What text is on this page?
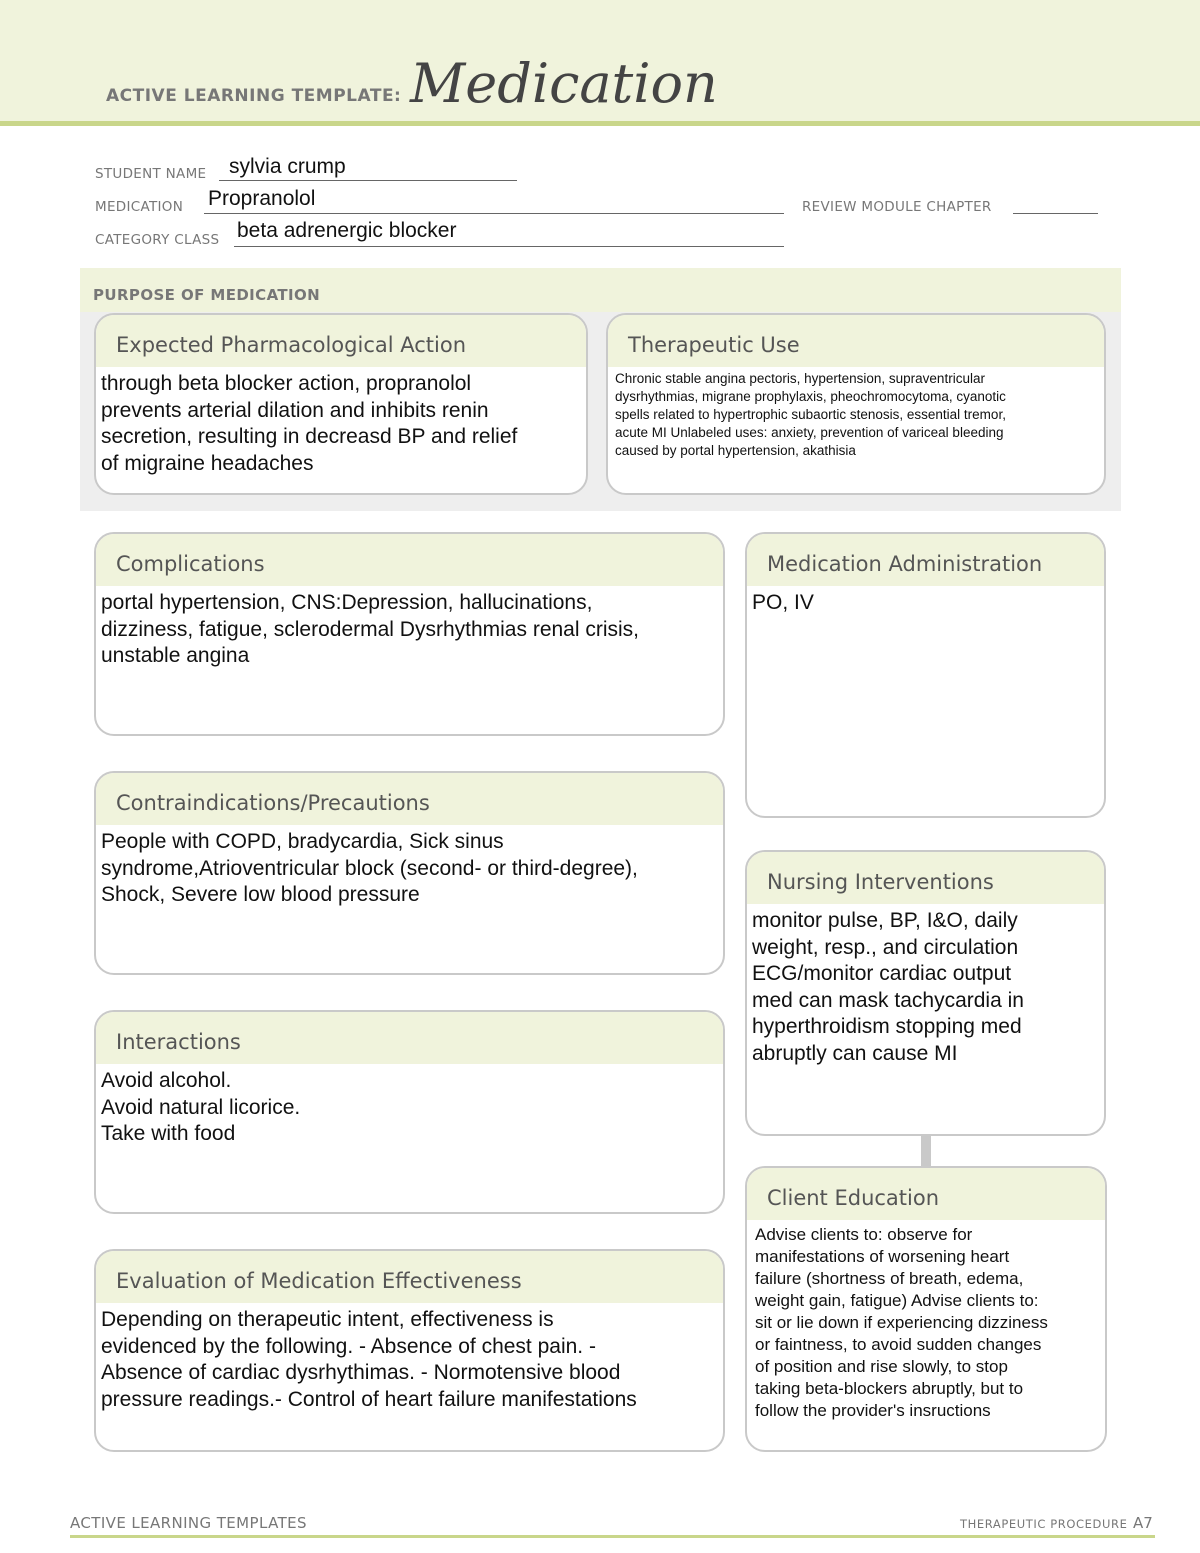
ACTIVE LEARNING TEMPLATE: Medication
STUDENT NAME sylvia crump
MEDICATION Propranolol	REVIEW MODULE CHAPTER
CATEGORY CLASS beta adrenergic blocker
PURPOSE OF MEDICATION
Expected Pharmacological Action
through beta blocker action, propranolol
prevents arterial dilation and inhibits renin
secretion, resulting in decreasd BP and relief
of migraine headaches
Therapeutic Use
Chronic stable angina pectoris, hypertension, supraventricular
dysrhythmias, migrane prophylaxis, pheochromocytoma, cyanotic
spells related to hypertrophic subaortic stenosis, essential tremor,
acute MI Unlabeled uses: anxiety, prevention of variceal bleeding
caused by portal hypertension, akathisia
Complications
portal hypertension, CNS:Depression, hallucinations,
dizziness, fatigue, sclerodermal Dysrhythmias renal crisis,
unstable angina
Medication Administration
PO, IV
Contraindications/Precautions
People with COPD, bradycardia, Sick sinus
syndrome,Atrioventricular block (second- or third-degree),
Shock, Severe low blood pressure
Nursing Interventions
monitor pulse, BP, I&O, daily
weight, resp., and circulation
ECG/monitor cardiac output
med can mask tachycardia in
hyperthroidism stopping med
abruptly can cause MI
Interactions
Avoid alcohol.
Avoid natural licorice.
Take with food
Client Education
Advise clients to: observe for
manifestations of worsening heart
failure (shortness of breath, edema,
weight gain, fatigue) Advise clients to:
sit or lie down if experiencing dizziness
or faintness, to avoid sudden changes
of position and rise slowly, to stop
taking beta-blockers abruptly, but to
follow the provider's insructions
Evaluation of Medication Effectiveness
Depending on therapeutic intent, effectiveness is
evidenced by the following. - Absence of chest pain. -
Absence of cardiac dysrhythimas. - Normotensive blood
pressure readings.- Control of heart failure manifestations
ACTIVE LEARNING TEMPLATES	THERAPEUTIC PROCEDURE A7
